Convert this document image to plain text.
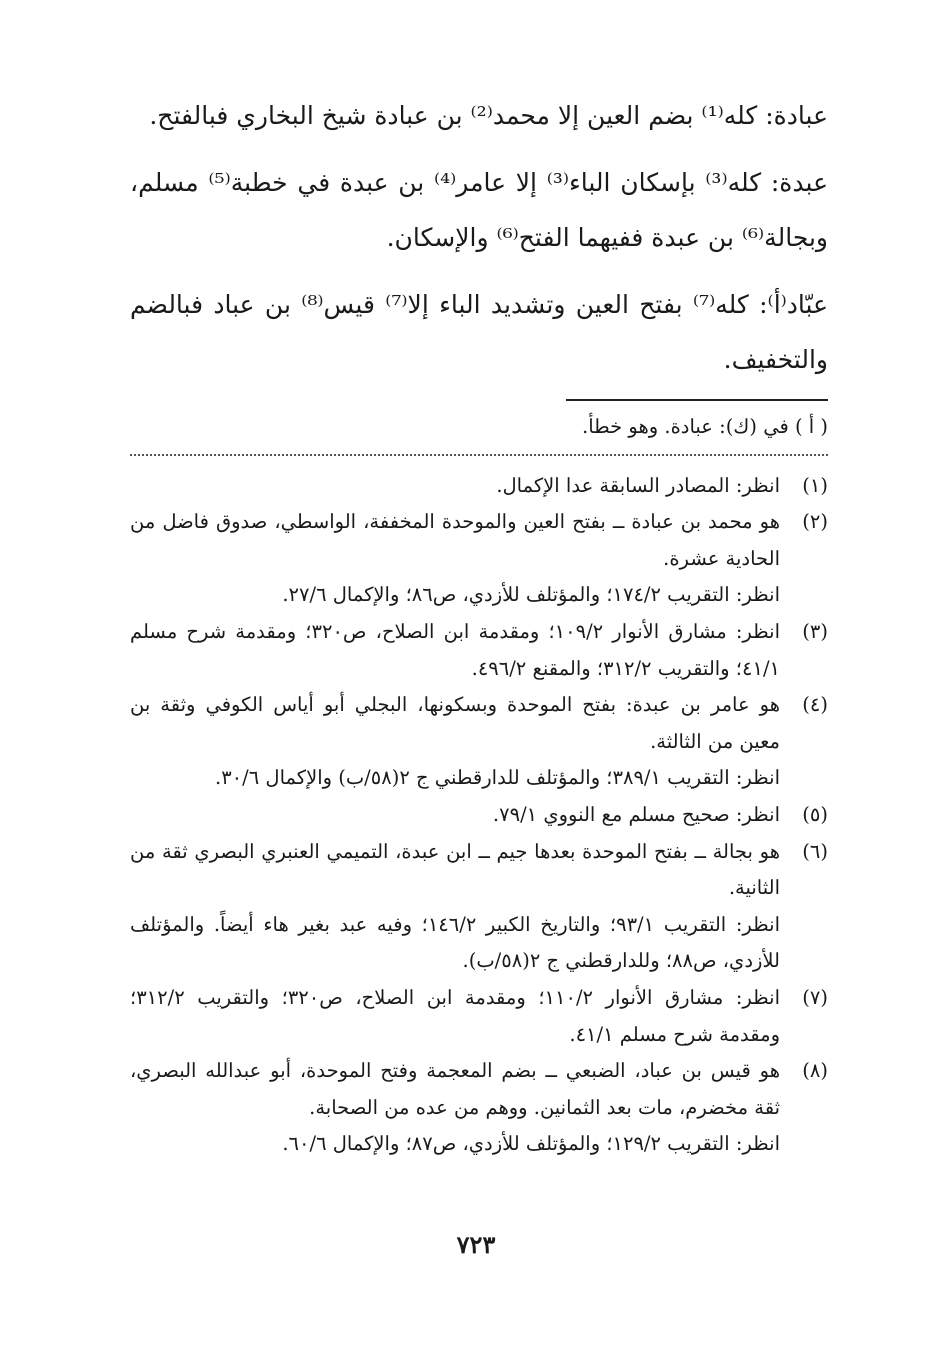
عبادة: كله⁽¹⁾ بضم العين إلا محمد⁽²⁾ بن عبادة شيخ البخاري فبالفتح.

عبدة: كله⁽³⁾ بإسكان الباء⁽³⁾ إلا عامر⁽⁴⁾ بن عبدة في خطبة⁽⁵⁾ مسلم، وبجالة⁽⁶⁾ بن عبدة ففيهما الفتح⁽⁶⁾ والإسكان.

عبّاد⁽أ⁾: كله⁽⁷⁾ بفتح العين وتشديد الباء إلا⁽⁷⁾ قيس⁽⁸⁾ بن عباد فبالضم والتخفيف.

( أ ) في (ك): عبادة. وهو خطأ.

(١)

انظر: المصادر السابقة عدا الإكمال.

(٢)

هو محمد بن عبادة ــ بفتح العين والموحدة المخففة، الواسطي، صدوق فاضل من الحادية عشرة.

انظر: التقريب ١٧٤/٢؛ والمؤتلف للأزدي، ص٨٦؛ والإكمال ٢٧/٦.

(٣)

انظر: مشارق الأنوار ١٠٩/٢؛ ومقدمة ابن الصلاح، ص٣٢٠؛ ومقدمة شرح مسلم ٤١/١؛ والتقريب ٣١٢/٢؛ والمقنع ٤٩٦/٢.

(٤)

هو عامر بن عبدة: بفتح الموحدة وبسكونها، البجلي أبو أياس الكوفي وثقة بن معين من الثالثة.

انظر: التقريب ٣٨٩/١؛ والمؤتلف للدارقطني ج ٢(٥٨/ب) والإكمال ٣٠/٦.

(٥)

انظر: صحيح مسلم مع النووي ٧٩/١.

(٦)

هو بجالة ــ بفتح الموحدة بعدها جيم ــ ابن عبدة، التميمي العنبري البصري ثقة من الثانية.

انظر: التقريب ٩٣/١؛ والتاريخ الكبير ١٤٦/٢؛ وفيه عبد بغير هاء أيضاً. والمؤتلف للأزدي، ص٨٨؛ وللدارقطني ج ٢(٥٨/ب).

(٧)

انظر: مشارق الأنوار ١١٠/٢؛ ومقدمة ابن الصلاح، ص٣٢٠؛ والتقريب ٣١٢/٢؛ ومقدمة شرح مسلم ٤١/١.

(٨)

هو قيس بن عباد، الضبعي ــ بضم المعجمة وفتح الموحدة، أبو عبدالله البصري، ثقة مخضرم، مات بعد الثمانين. ووهم من عده من الصحابة.

انظر: التقريب ١٢٩/٢؛ والمؤتلف للأزدي، ص٨٧؛ والإكمال ٦٠/٦.

٧٢٣
